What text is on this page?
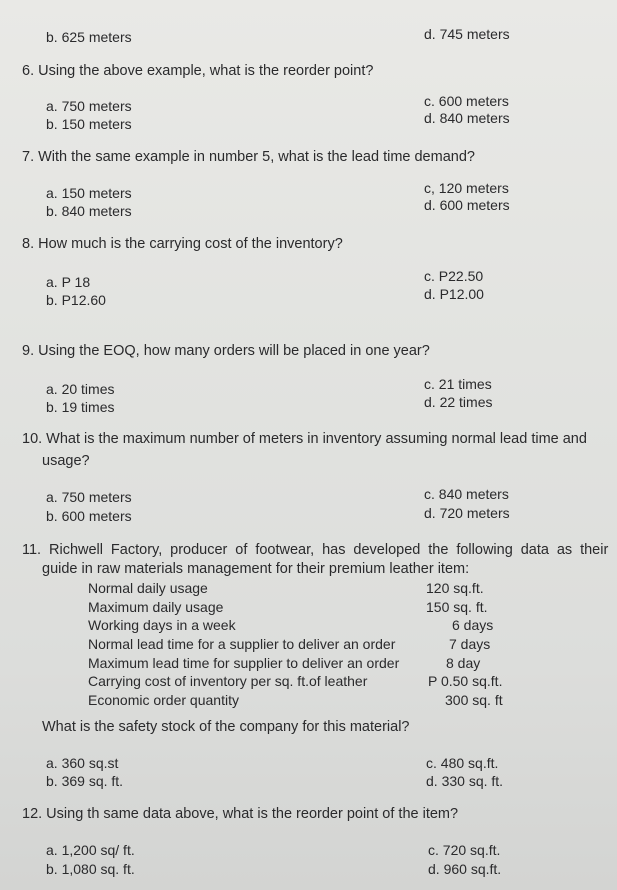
b. 625 meters	d. 745 meters
6. Using the above example, what is the reorder point?
a. 750 meters
b. 150 meters
c. 600 meters
d. 840 meters
7. With the same example in number 5, what is the lead time demand?
a. 150 meters
b. 840 meters
c, 120 meters
d. 600 meters
8. How much is the carrying cost of the inventory?
a. P 18
b. P12.60
c. P22.50
d. P12.00
9. Using the EOQ, how many orders will be placed in one year?
a. 20 times
b. 19 times
c. 21 times
d. 22 times
10. What is the maximum number of meters in inventory assuming normal lead time and
usage?
a. 750 meters
b. 600 meters
c. 840 meters
d. 720 meters
11. Richwell Factory, producer of footwear, has developed the following data as their
guide in raw materials management for their premium leather item:
Normal daily usage	120 sq.ft.
Maximum daily usage	150 sq. ft.
Working days in a week	6 days
Normal lead time for a supplier to deliver an order	7 days
Maximum lead time for supplier to deliver an order	8 day
Carrying cost of inventory per sq. ft.of leather	P 0.50 sq.ft.
Economic order quantity	300 sq. ft
What is the safety stock of the company for this material?
a. 360 sq.st
b. 369 sq. ft.
c. 480 sq.ft.
d. 330 sq. ft.
12. Using th same data above, what is the reorder point of the item?
a. 1,200 sq/ ft.
b. 1,080 sq. ft.
c. 720 sq.ft.
d. 960 sq.ft.
